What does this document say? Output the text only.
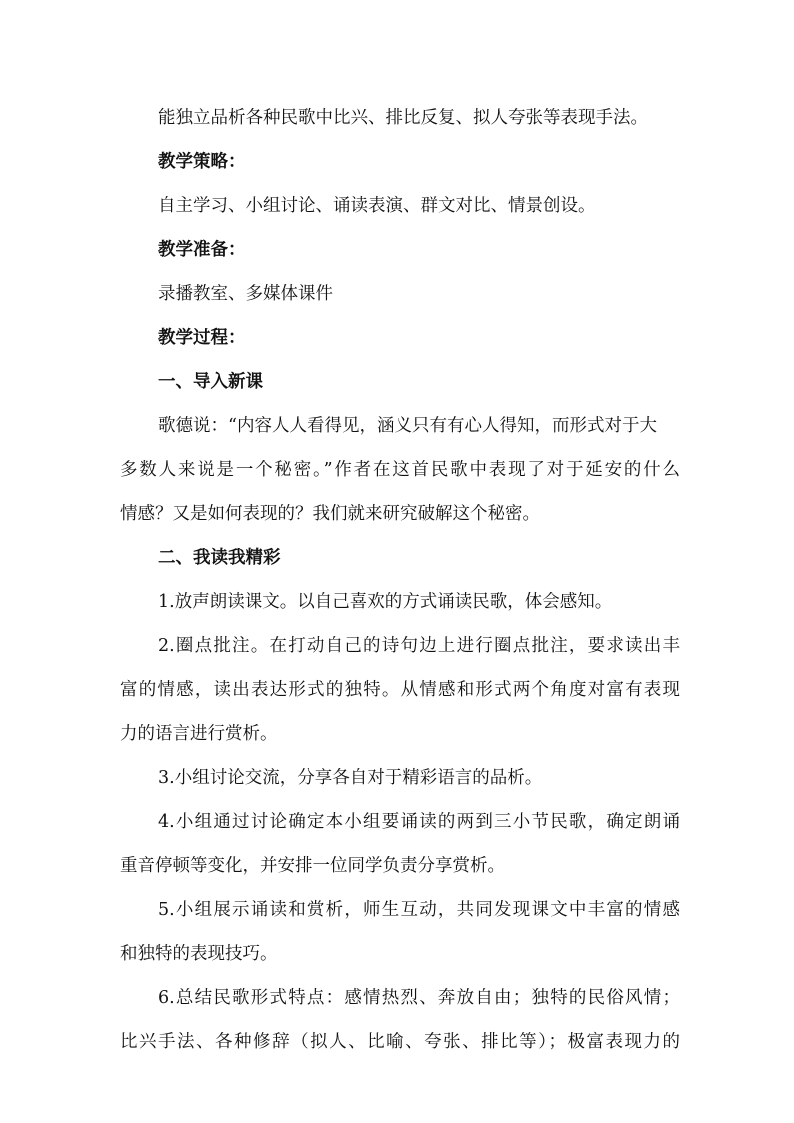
能独立品析各种民歌中比兴、排比反复、拟人夸张等表现手法。
教学策略：
自主学习、小组讨论、诵读表演、群文对比、情景创设。
教学准备：
录播教室、多媒体课件
教学过程：
一、导入新课
歌德说：“内容人人看得见，涵义只有有心人得知，而形式对于大
多数人来说是一个秘密。”作者在这首民歌中表现了对于延安的什么
情感？又是如何表现的？我们就来研究破解这个秘密。
二、我读我精彩
1.放声朗读课文。以自己喜欢的方式诵读民歌，体会感知。
2.圈点批注。在打动自己的诗句边上进行圈点批注，要求读出丰
富的情感，读出表达形式的独特。从情感和形式两个角度对富有表现
力的语言进行赏析。
3.小组讨论交流，分享各自对于精彩语言的品析。
4.小组通过讨论确定本小组要诵读的两到三小节民歌，确定朗诵
重音停顿等变化，并安排一位同学负责分享赏析。
5.小组展示诵读和赏析，师生互动，共同发现课文中丰富的情感
和独特的表现技巧。
6.总结民歌形式特点：感情热烈、奔放自由；独特的民俗风情；
比兴手法、各种修辞（拟人、比喻、夸张、排比等）；极富表现力的
